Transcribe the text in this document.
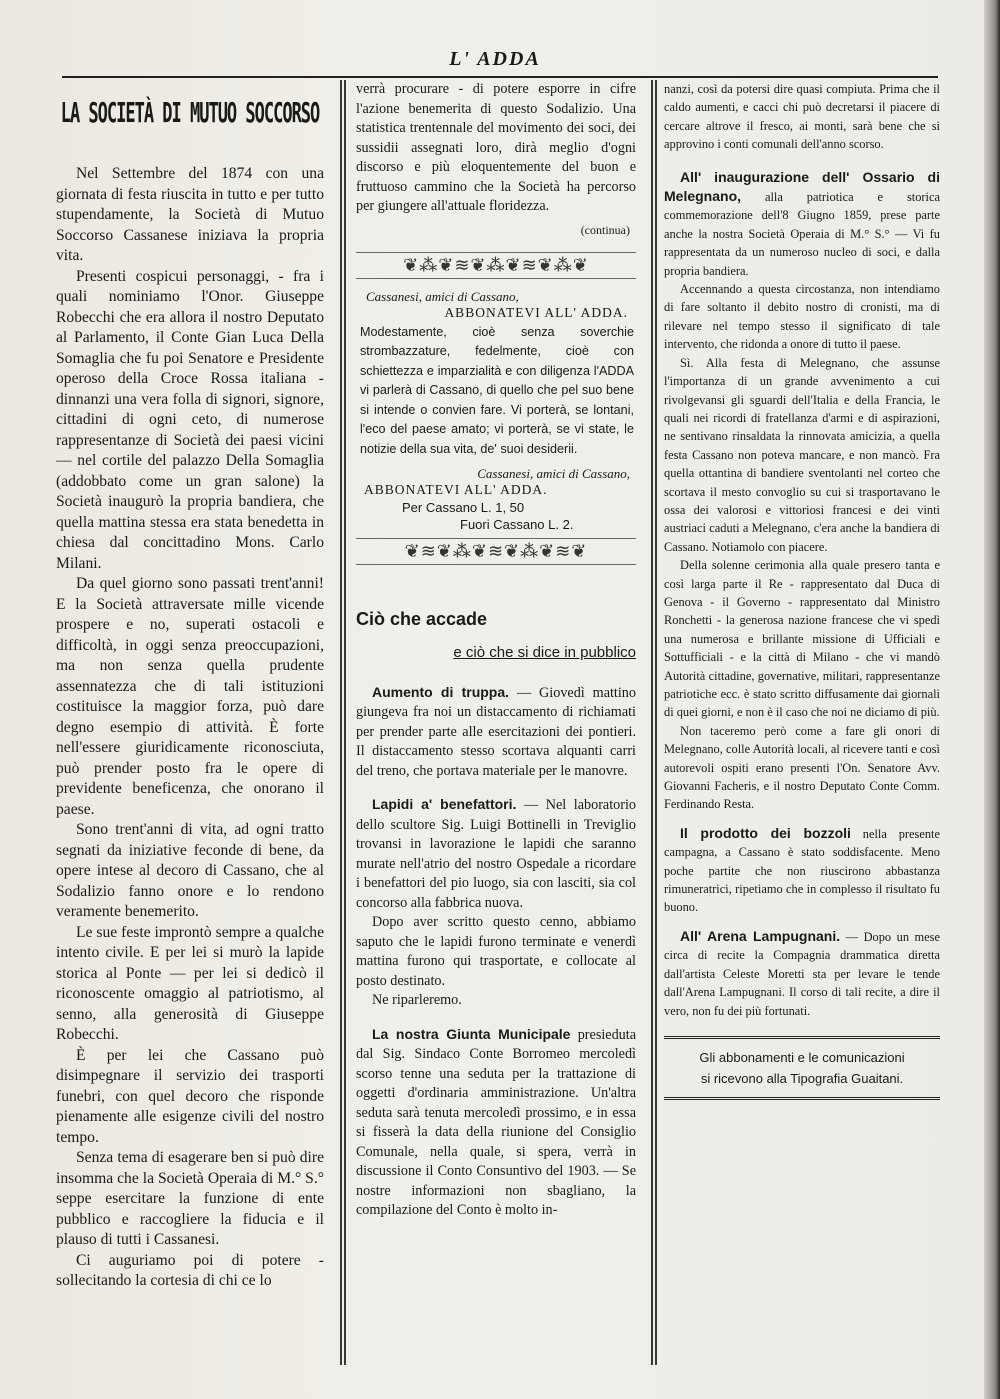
L' ADDA
LA SOCIETÀ DI MUTUO SOCCORSO

Nel Settembre del 1874 con una giornata di festa riuscita in tutto e per tutto stupendamente, la Società di Mutuo Soccorso Cassanese iniziava la propria vita.

Presenti cospicui personaggi, - fra i quali nominiamo l'Onor. Giuseppe Robecchi che era allora il nostro Deputato al Parlamento, il Conte Gian Luca Della Somaglia che fu poi Senatore e Presidente operoso della Croce Rossa italiana - dinnanzi una vera folla di signori, signore, cittadini di ogni ceto, di numerose rappresentanze di Società dei paesi vicini — nel cortile del palazzo Della Somaglia (addobbato come un gran salone) la Società inaugurò la propria bandiera, che quella mattina stessa era stata benedetta in chiesa dal concittadino Mons. Carlo Milani.

Da quel giorno sono passati trent'anni! E la Società attraversate mille vicende prospere e no, superati ostacoli e difficoltà, in oggi senza preoccupazioni, ma non senza quella prudente assennatezza che di tali istituzioni costituisce la maggior forza, può dare degno esempio di attività. È forte nell'essere giuridicamente riconosciuta, può prender posto fra le opere di previdente beneficenza, che onorano il paese.

Sono trent'anni di vita, ad ogni tratto segnati da iniziative feconde di bene, da opere intese al decoro di Cassano, che al Sodalizio fanno onore e lo rendono veramente benemerito.

Le sue feste improntò sempre a qualche intento civile. E per lei si murò la lapide storica al Ponte — per lei si dedicò il riconoscente omaggio al patriotismo, al senno, alla generosità di Giuseppe Robecchi.

È per lei che Cassano può disimpegnare il servizio dei trasporti funebri, con quel decoro che risponde pienamente alle esigenze civili del nostro tempo.

Senza tema di esagerare ben si può dire insomma che la Società Operaia di M.° S.° seppe esercitare la funzione di ente pubblico e raccogliere la fiducia e il plauso di tutti i Cassanesi.

Ci auguriamo poi di potere - sollecitando la cortesia di chi ce lo

verrà procurare - di potere esporre in cifre l'azione benemerita di questo Sodalizio. Una statistica trentennale del movimento dei soci, dei sussidii assegnati loro, dirà meglio d'ogni discorso e più eloquentemente del buon e fruttuoso cammino che la Società ha percorso per giungere all'attuale floridezza.

(continua)
❦⁂❦≋❦⁂❦≋❦⁂❦
Cassanesi, amici di Cassano,
ABBONATEVI ALL' ADDA.
Modestamente, cioè senza soverchie strombazzature, fedelmente, cioè con schiettezza e imparzialità e con diligenza l'ADDA vi parlerà di Cassano, di quello che pel suo bene si intende o convien fare. Vi porterà, se lontani, l'eco del paese amato; vi porterà, se vi state, le notizie della sua vita, de' suoi desiderii.
Cassanesi, amici di Cassano,
ABBONATEVI ALL' ADDA.
Per Cassano L. 1, 50
Fuori Cassano L. 2.
❦≋❦⁂❦≋❦⁂❦≋❦
Ciò che accade
e ciò che si dice in pubblico

Aumento di truppa. — Giovedì mattino giungeva fra noi un distaccamento di richiamati per prender parte alle esercitazioni dei pontieri. Il distaccamento stesso scortava alquanti carri del treno, che portava materiale per le manovre.

Lapidi a' benefattori. — Nel laboratorio dello scultore Sig. Luigi Bottinelli in Treviglio trovansi in lavorazione le lapidi che saranno murate nell'atrio del nostro Ospedale a ricordare i benefattori del pio luogo, sia con lasciti, sia col concorso alla fabbrica nuova.

Dopo aver scritto questo cenno, abbiamo saputo che le lapidi furono terminate e venerdì mattina furono qui trasportate, e collocate al posto destinato.

Ne riparleremo.

La nostra Giunta Municipale presieduta dal Sig. Sindaco Conte Borromeo mercoledì scorso tenne una seduta per la trattazione di oggetti d'ordinaria amministrazione. Un'altra seduta sarà tenuta mercoledì prossimo, e in essa si fisserà la data della riunione del Consiglio Comunale, nella quale, si spera, verrà in discussione il Conto Consuntivo del 1903. — Se nostre informazioni non sbagliano, la compilazione del Conto è molto in-

nanzi, così da potersi dire quasi compiuta. Prima che il caldo aumenti, e cacci chi può decretarsi il piacere di cercare altrove il fresco, ai monti, sarà bene che si approvino i conti comunali dell'anno scorso.

All' inaugurazione dell' Ossario di Melegnano, alla patriotica e storica commemorazione dell'8 Giugno 1859, prese parte anche la nostra Società Operaia di M.° S.° — Vi fu rappresentata da un numeroso nucleo di soci, e dalla propria bandiera.

Accennando a questa circostanza, non intendiamo di fare soltanto il debito nostro di cronisti, ma di rilevare nel tempo stesso il significato di tale intervento, che ridonda a onore di tutto il paese.

Sì. Alla festa di Melegnano, che assunse l'importanza di un grande avvenimento a cui rivolgevansi gli sguardi dell'Italia e della Francia, le quali nei ricordi di fratellanza d'armi e di aspirazioni, ne sentivano rinsaldata la rinnovata amicizia, a quella festa Cassano non poteva mancare, e non mancò. Fra quella ottantina di bandiere sventolanti nel corteo che scortava il mesto convoglio su cui si trasportavano le ossa dei valorosi e vittoriosi francesi e dei vinti austriaci caduti a Melegnano, c'era anche la bandiera di Cassano. Notiamolo con piacere.

Della solenne cerimonia alla quale presero tanta e così larga parte il Re - rappresentato dal Duca di Genova - il Governo - rappresentato dal Ministro Ronchetti - la generosa nazione francese che vi spedì una numerosa e brillante missione di Ufficiali e Sottufficiali - e la città di Milano - che vi mandò Autorità cittadine, governative, militari, rappresentanze patriotiche ecc. è stato scritto diffusamente dai giornali di quei giorni, e non è il caso che noi ne diciamo di più.

Non taceremo però come a fare gli onori di Melegnano, colle Autorità locali, al ricevere tanti e così autorevoli ospiti erano presenti l'On. Senatore Avv. Giovanni Facheris, e il nostro Deputato Conte Comm. Ferdinando Resta.

Il prodotto dei bozzoli nella presente campagna, a Cassano è stato soddisfacente. Meno poche partite che non riuscirono abbastanza rimuneratrici, ripetiamo che in complesso il risultato fu buono.

All' Arena Lampugnani. — Dopo un mese circa di recite la Compagnia drammatica diretta dall'artista Celeste Moretti sta per levare le tende dall'Arena Lampugnani. Il corso di tali recite, a dire il vero, non fu dei più fortunati.

Gli abbonamenti e le comunicazioni
si ricevono alla Tipografia Guaitani.
